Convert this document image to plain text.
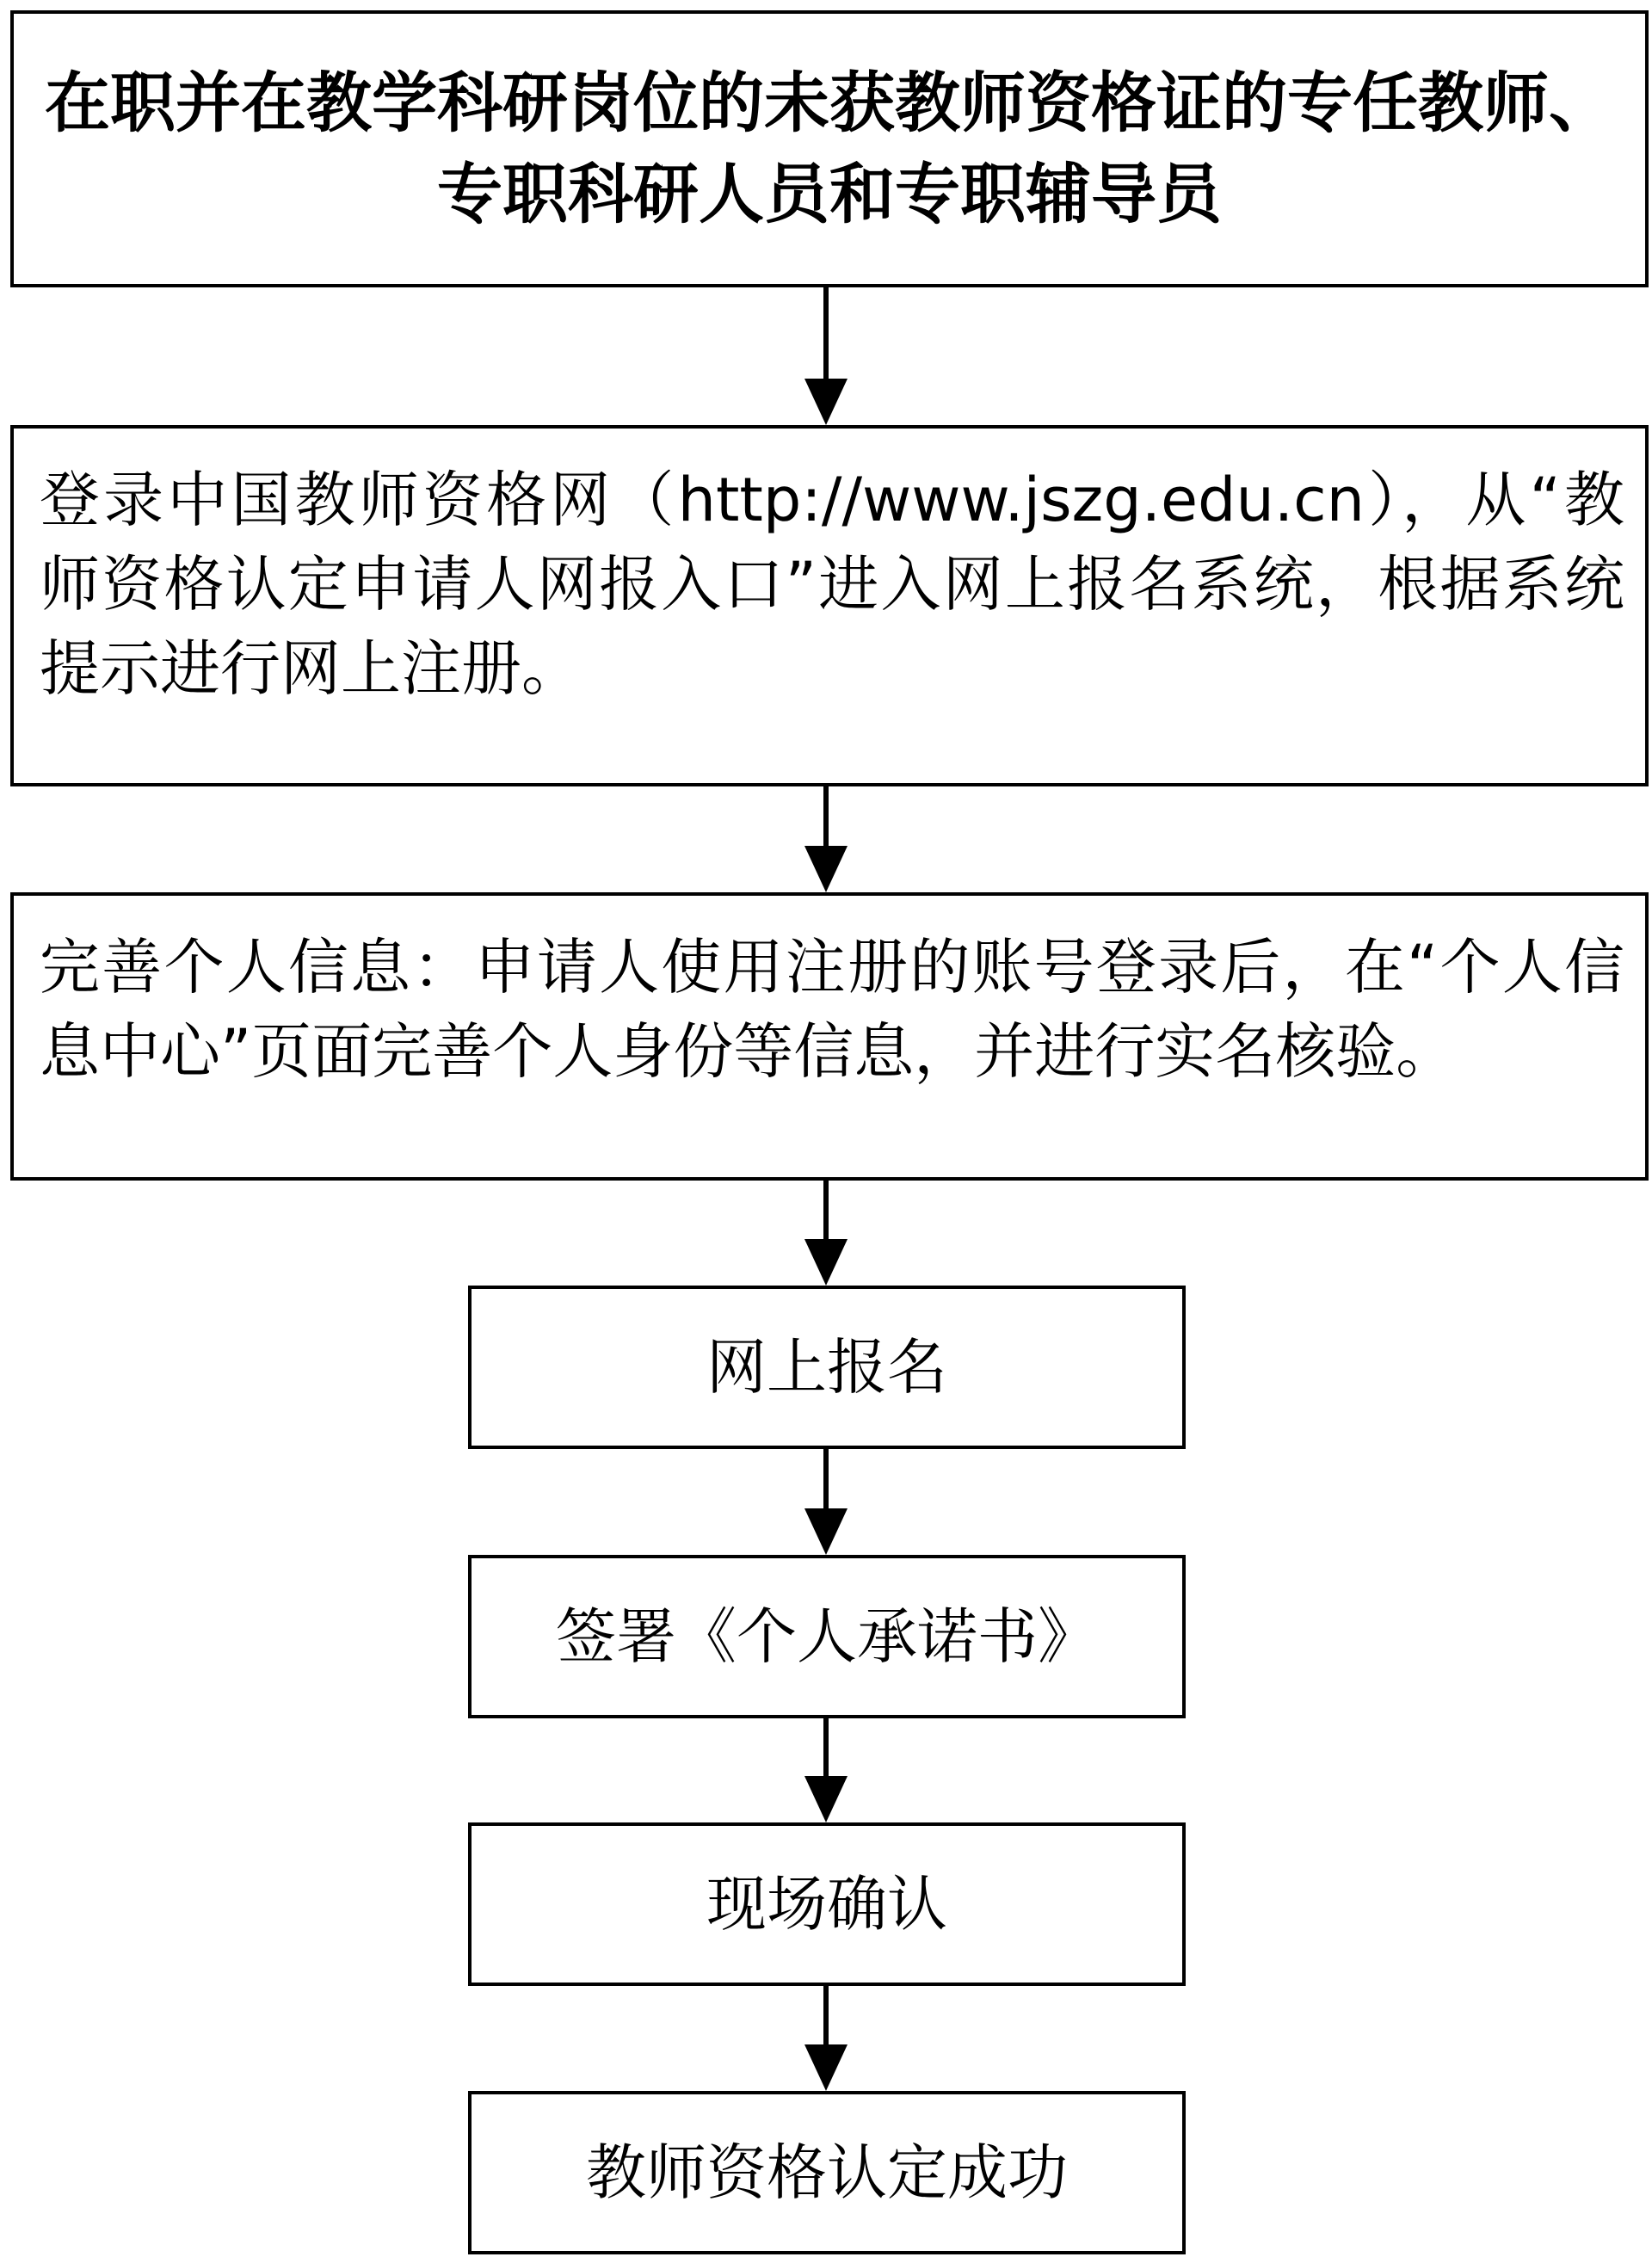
在职并在教学科研岗位的未获教师资格证的专任教师、专职科研人员和专职辅导员

登录中国教师资格网（http://www.jszg.edu.cn），从“教师资格认定申请人网报入口”进入网上报名系统，根据系统提示进行网上注册。

完善个人信息：申请人使用注册的账号登录后，在“个人信息中心”页面完善个人身份等信息，并进行实名核验。

网上报名

签署《个人承诺书》

现场确认

教师资格认定成功
